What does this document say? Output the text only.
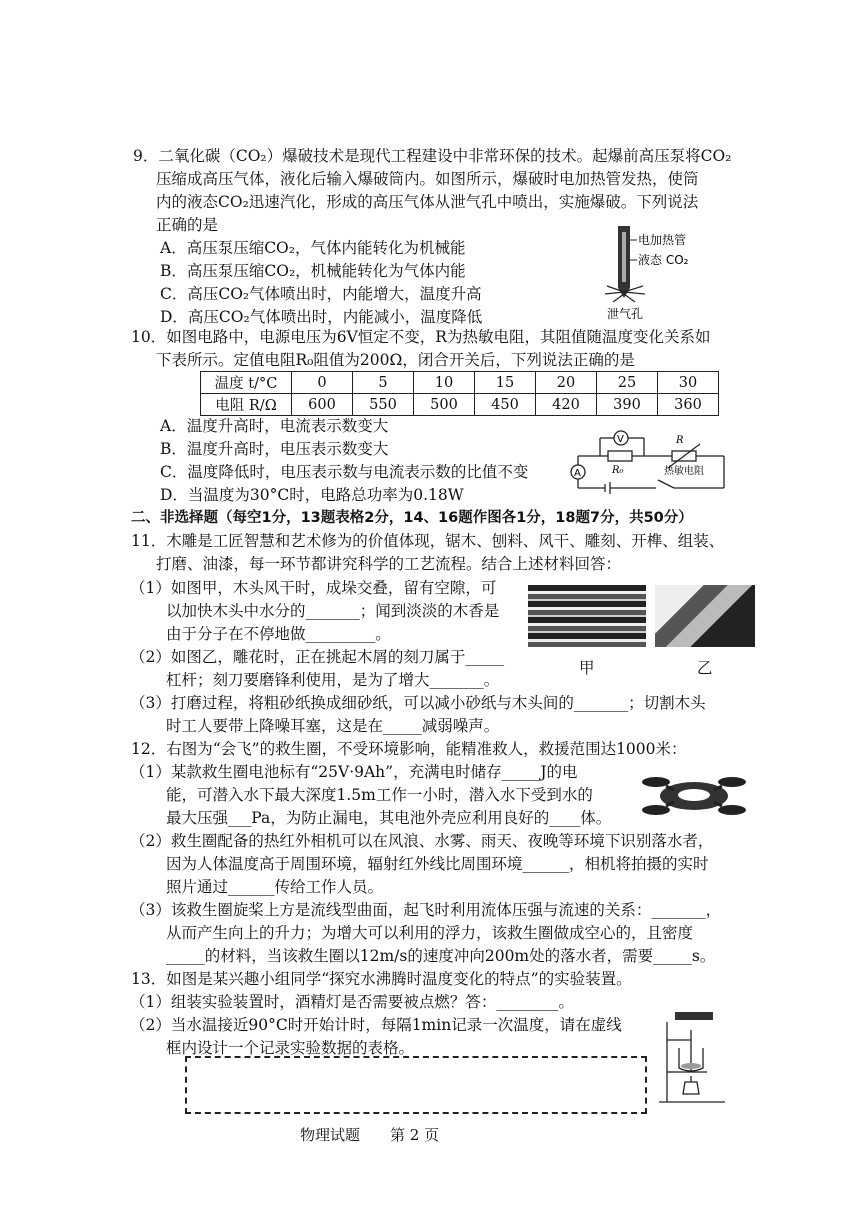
9．二氧化碳（CO₂）爆破技术是现代工程建设中非常环保的技术。起爆前高压泵将CO₂
压缩成高压气体，液化后输入爆破筒内。如图所示，爆破时电加热管发热，使筒
内的液态CO₂迅速汽化，形成的高压气体从泄气孔中喷出，实施爆破。下列说法
正确的是
A．高压泵压缩CO₂，气体内能转化为机械能
B．高压泵压缩CO₂，机械能转化为气体内能
C．高压CO₂气体喷出时，内能增大，温度升高
D．高压CO₂气体喷出时，内能减小，温度降低
电加热管
液态 CO₂
泄气孔
10．如图电路中，电源电压为6V恒定不变，R为热敏电阻，其阻值随温度变化关系如
下表所示。定值电阻R₀阻值为200Ω，闭合开关后，下列说法正确的是
温度 t/°C	0	5	10	15	20	25	30
电阻 R/Ω	600	550	500	450	420	390	360
A．温度升高时，电流表示数变大
B．温度升高时，电压表示数变大
C．温度降低时，电压表示数与电流表示数的比值不变
D．当温度为30°C时，电路总功率为0.18W
V
A	R₀
R
热敏电阻
二、非选择题（每空1分，13题表格2分，14、16题作图各1分，18题7分，共50分）
11．木雕是工匠智慧和艺术修为的价值体现，锯木、刨料、风干、雕刻、开榫、组装、
打磨、油漆，每一环节都讲究科学的工艺流程。结合上述材料回答：
（1）如图甲，木头风干时，成垛交叠，留有空隙，可
以加快木头中水分的_______；闻到淡淡的木香是
由于分子在不停地做_________。
（2）如图乙，雕花时，正在挑起木屑的刻刀属于_____
杠杆；刻刀要磨锋利使用，是为了增大_______。
（3）打磨过程，将粗砂纸换成细砂纸，可以减小砂纸与木头间的_______；切割木头
时工人要带上降噪耳塞，这是在_____减弱噪声。
甲	乙
12．右图为“会飞”的救生圈，不受环境影响，能精准救人，救援范围达1000米：
（1）某款救生圈电池标有“25V·9Ah”，充满电时储存_____J的电
能，可潜入水下最大深度1.5m工作一小时，潜入水下受到水的
最大压强___Pa，为防止漏电，其电池外壳应利用良好的____体。
（2）救生圈配备的热红外相机可以在风浪、水雾、雨天、夜晚等环境下识别落水者，
因为人体温度高于周围环境，辐射红外线比周围环境______，相机将拍摄的实时
照片通过______传给工作人员。
（3）该救生圈旋桨上方是流线型曲面，起飞时利用流体压强与流速的关系：_______，
从而产生向上的升力；为增大可以利用的浮力，该救生圈做成空心的，且密度
_____的材料，当该救生圈以12m/s的速度冲向200m处的落水者，需要_____s。
13．如图是某兴趣小组同学“探究水沸腾时温度变化的特点”的实验装置。
（1）组装实验装置时，酒精灯是否需要被点燃？答：________。
（2）当水温接近90°C时开始计时，每隔1min记录一次温度，请在虚线
框内设计一个记录实验数据的表格。
物理试题　　第 2 页
